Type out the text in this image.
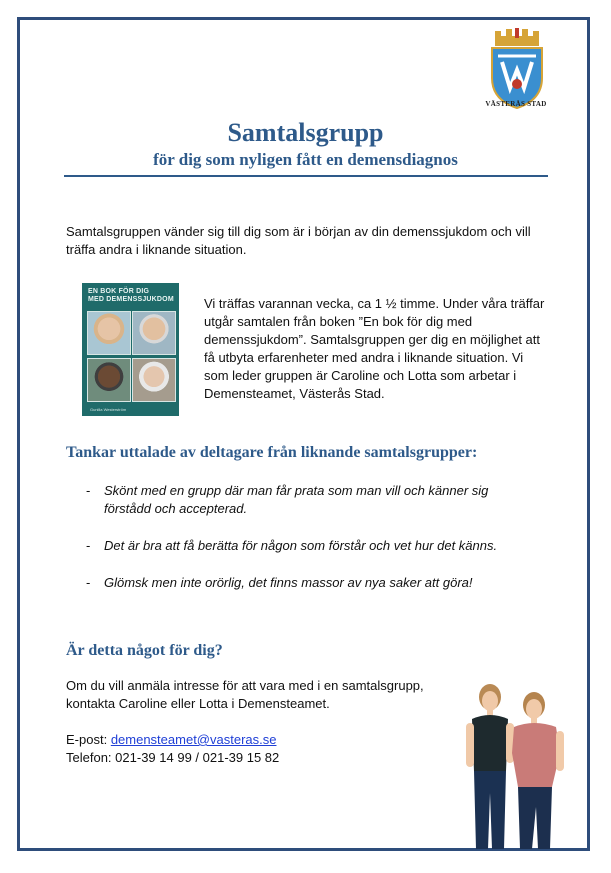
VÄSTERÅS STAD
Samtalsgrupp
för dig som nyligen fått en demensdiagnos
Samtalsgruppen vänder sig till dig som är i början av din demenssjukdom och vill träffa andra i liknande situation.
EN BOK FÖR DIG
MED DEMENSSJUKDOM
Gunilla Westerström
Vi träffas varannan vecka, ca 1 ½ timme. Under våra träffar utgår samtalen från boken ”En bok för dig med demenssjukdom”. Samtalsgruppen ger dig en möjlighet att få utbyta erfarenheter med andra i liknande situation. Vi som leder gruppen är Caroline och Lotta som arbetar i Demensteamet, Västerås Stad.
Tankar uttalade av deltagare från liknande samtalsgrupper:
- Skönt med en grupp där man får prata som man vill och känner sig förstådd och accepterad.
- Det är bra att få berätta för någon som förstår och vet hur det känns.
- Glömsk men inte orörlig, det finns massor av nya saker att göra!
Är detta något för dig?
Om du vill anmäla intresse för att vara med i en samtalsgrupp, kontakta Caroline eller Lotta i Demensteamet.
E-post: demensteamet@vasteras.se
Telefon: 021-39 14 99 / 021-39 15 82
